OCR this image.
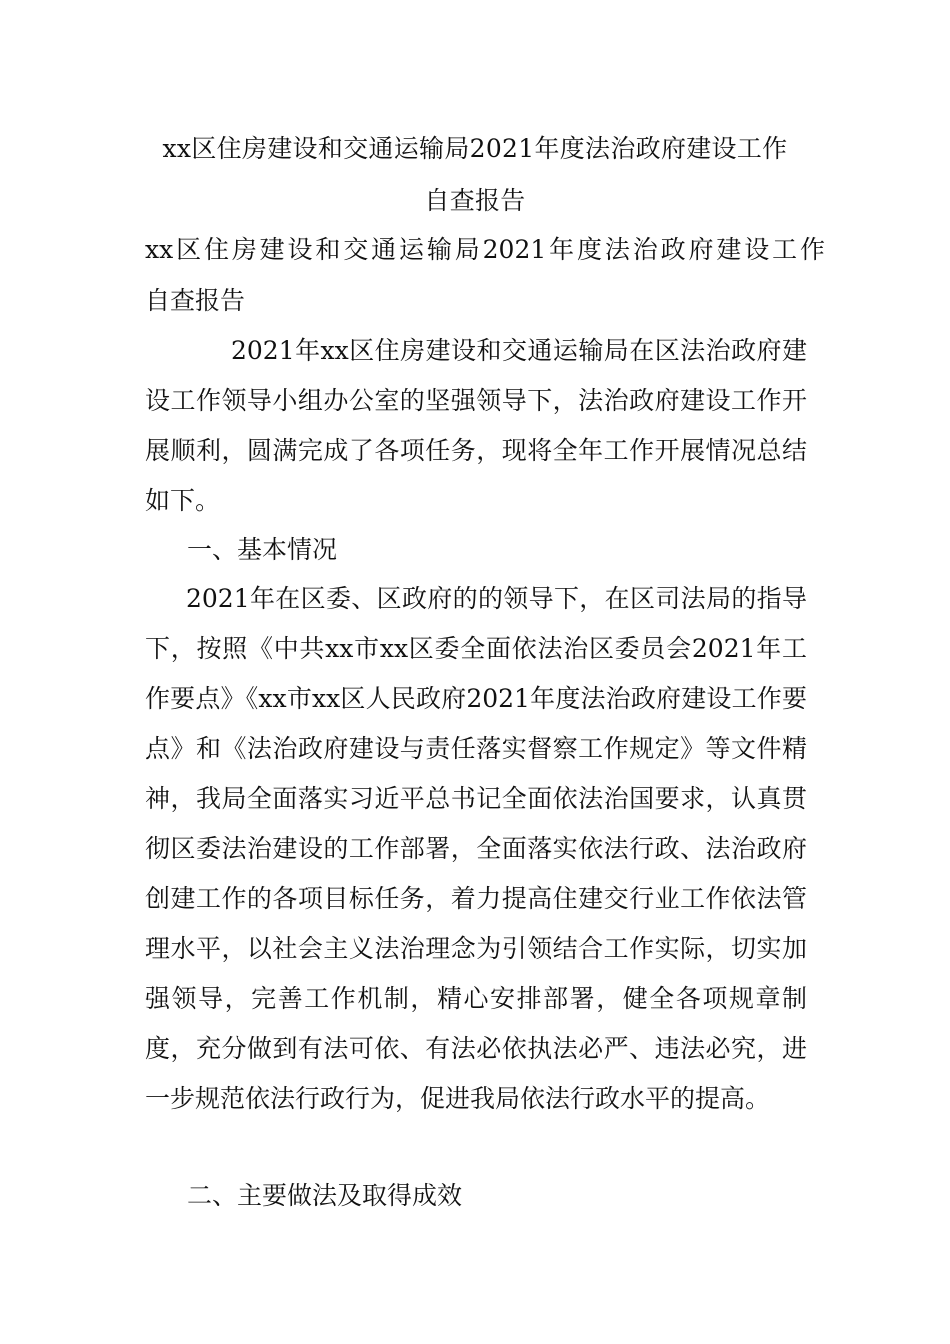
xx区住房建设和交通运输局2021年度法治政府建设工作
自查报告
xx区住房建设和交通运输局2021年度法治政府建设工作
自查报告
2021年xx区住房建设和交通运输局在区法治政府建设工作领导小组办公室的坚强领导下，法治政府建设工作开展顺利，圆满完成了各项任务，现将全年工作开展情况总结如下。
一、基本情况
2021年在区委、区政府的的领导下，在区司法局的指导下，按照《中共xx市xx区委全面依法治区委员会2021年工作要点》《xx市xx区人民政府2021年度法治政府建设工作要点》和《法治政府建设与责任落实督察工作规定》等文件精神，我局全面落实习近平总书记全面依法治国要求，认真贯彻区委法治建设的工作部署，全面落实依法行政、法治政府创建工作的各项目标任务，着力提高住建交行业工作依法管理水平，以社会主义法治理念为引领结合工作实际，切实加强领导，完善工作机制，精心安排部署，健全各项规章制度，充分做到有法可依、有法必依执法必严、违法必究，进一步规范依法行政行为，促进我局依法行政水平的提高。
二、主要做法及取得成效
